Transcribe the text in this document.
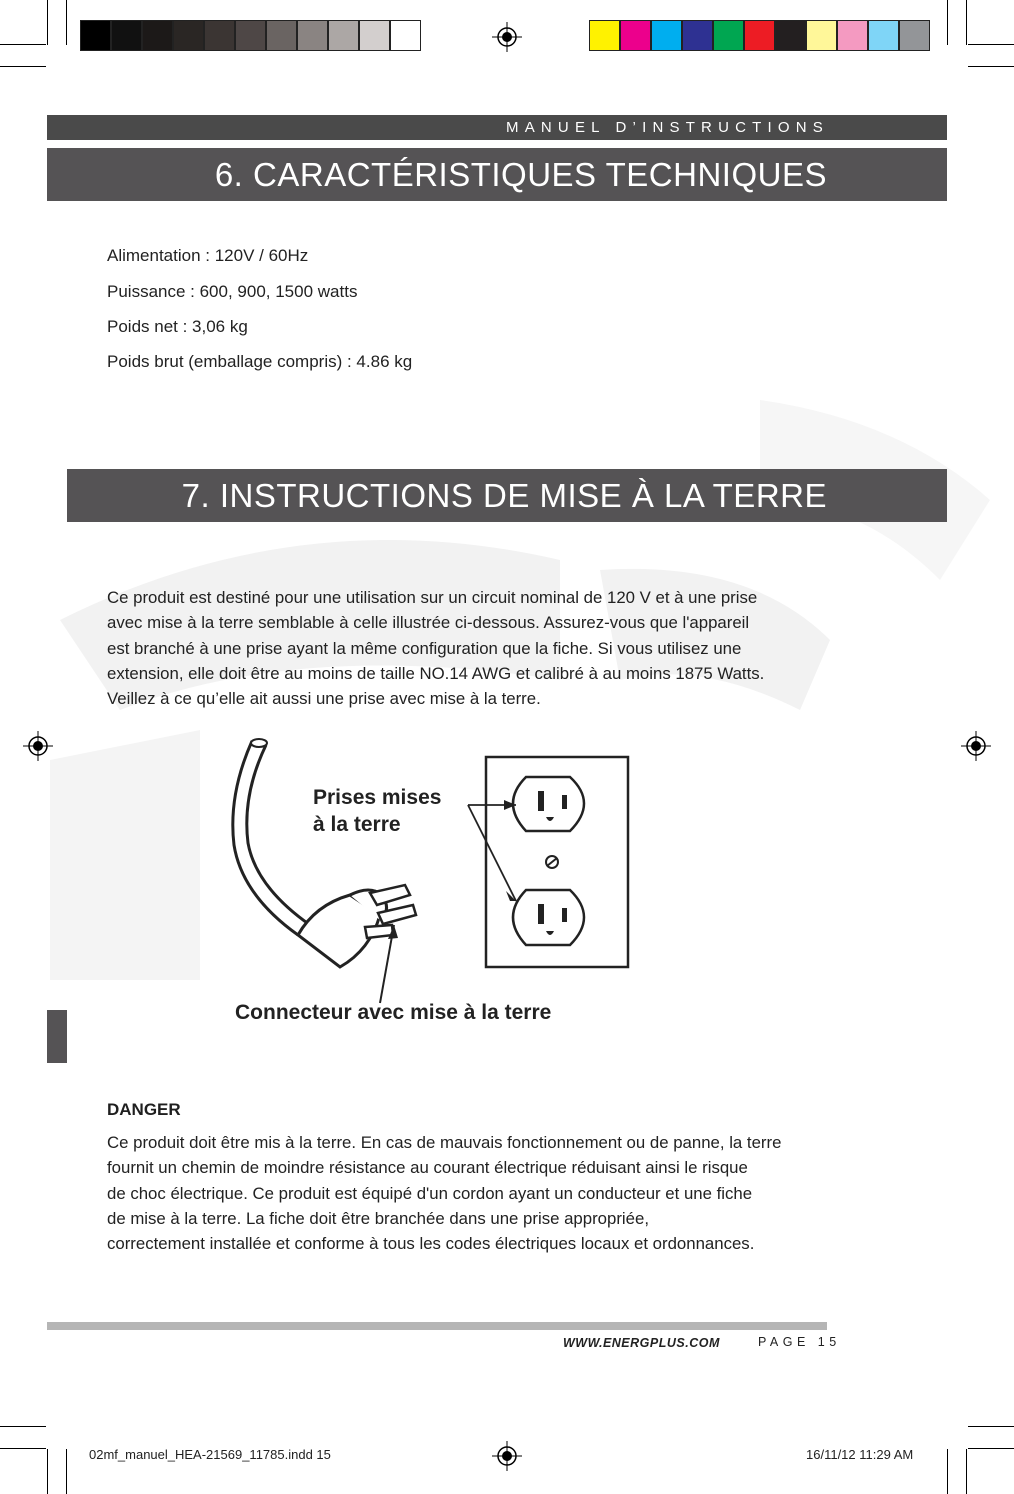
MANUEL D’INSTRUCTIONS
6. CARACTÉRISTIQUES TECHNIQUES
Alimentation : 120V / 60Hz
Puissance : 600, 900, 1500 watts
Poids net : 3,06 kg
Poids brut (emballage compris) : 4.86 kg
7. INSTRUCTIONS DE MISE À LA TERRE
Ce produit est destiné pour une utilisation sur un circuit nominal de 120 V et à une prise
avec mise à la terre semblable à celle illustrée ci-dessous. Assurez-vous que l'appareil
est branché à une prise ayant la même configuration que la fiche. Si vous utilisez une
extension, elle doit être au moins de taille NO.14 AWG et calibré à au moins 1875 Watts.
Veillez à ce qu’elle ait aussi une prise avec mise à la terre.
Prises mises
à la terre
Connecteur avec mise à la terre
DANGER
Ce produit doit être mis à la terre. En cas de mauvais fonctionnement ou de panne, la terre
fournit un chemin de moindre résistance au courant électrique réduisant ainsi le risque
de choc électrique. Ce produit est équipé d'un cordon ayant un conducteur et une fiche
de mise à la terre. La fiche doit être branchée dans une prise appropriée,
correctement installée et conforme à tous les codes électriques locaux et ordonnances.
WWW.ENERGPLUS.COM	PAGE 15
02mf_manuel_HEA-21569_11785.indd 15	16/11/12 11:29 AM
